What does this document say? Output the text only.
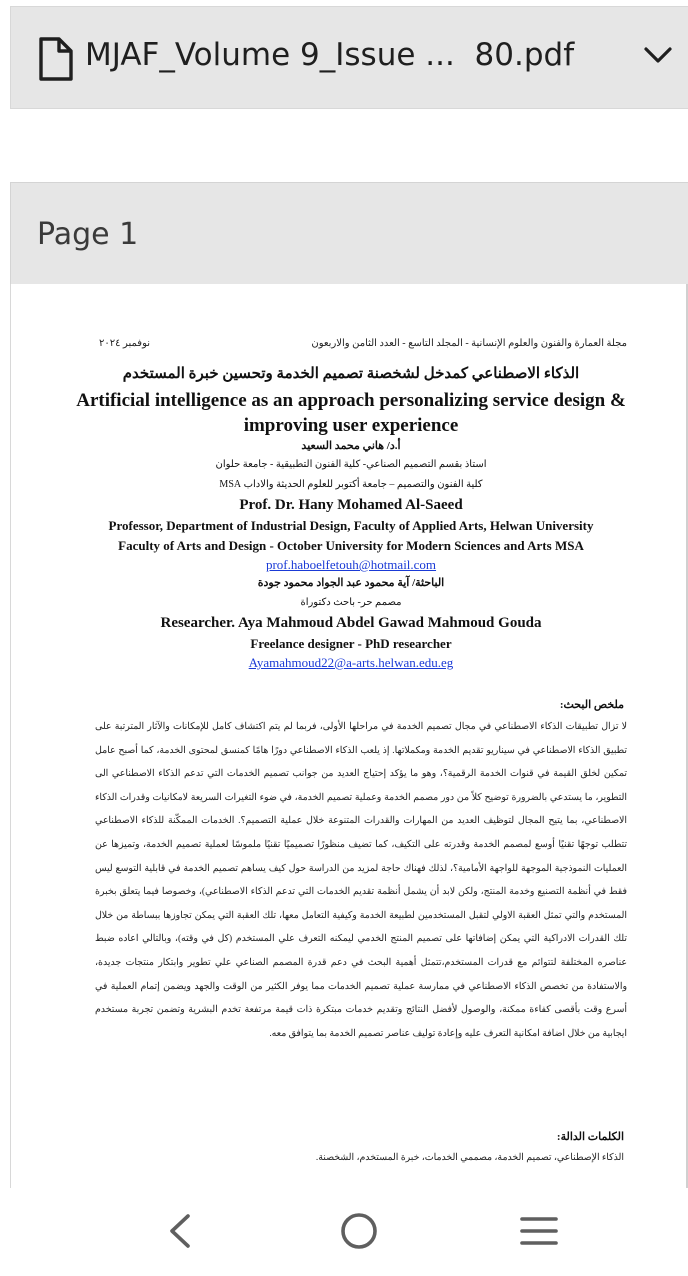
MJAF_Volume 9_Issue ...  80.pdf
Page 1
نوفمبر ٢٠٢٤	مجلة العمارة والفنون والعلوم الإنسانية - المجلد التاسع - العدد الثامن والاربعون
الذكاء الاصطناعي كمدخل لشخصنة تصميم الخدمة وتحسين خبرة المستخدم
Artificial intelligence as an approach personalizing service design & improving user experience
أ.د/ هاني محمد السعيد
استاذ بقسم التصميم الصناعي- كلية الفنون التطبيقية - جامعة حلوان
كلية الفنون والتصميم – جامعة أكتوبر للعلوم الحديثة والاداب MSA
Prof. Dr. Hany Mohamed Al-Saeed
Professor, Department of Industrial Design, Faculty of Applied Arts, Helwan University
Faculty of Arts and Design - October University for Modern Sciences and Arts MSA
prof.haboelfetouh@hotmail.com
الباحثة/ آية محمود عبد الجواد محمود جودة
مصمم حر- باحث دكتوراة
Researcher. Aya Mahmoud Abdel Gawad Mahmoud Gouda
Freelance designer - PhD researcher
Ayamahmoud22@a-arts.helwan.edu.eg
ملخص البحث:
لا تزال تطبيقات الذكاء الاصطناعي في مجال تصميم الخدمة في مراحلها الأولى، فربما لم يتم اكتشاف كامل للإمكانات والآثار المترتبة على تطبيق الذكاء الاصطناعي في سيناريو تقديم الخدمة ومكملاتها. إذ يلعب الذكاء الاصطناعي دورًا هامًا كمنسق لمحتوى الخدمة، كما أصبح عامل تمكين لخلق القيمة في قنوات الخدمة الرقمية؟، وهو ما يؤكد إحتياج العديد من جوانب تصميم الخدمات التي تدعم الذكاء الاصطناعي الى التطوير، ما يستدعي بالضرورة توضيح كلاً من دور مصمم الخدمة وعملية تصميم الخدمة، في ضوء التغيرات السريعة لامكانيات وقدرات الذكاء الاصطناعي، بما يتيح المجال لتوظيف العديد من المهارات والقدرات المتنوعة خلال عملية التصميم؟. الخدمات الممكّنة للذكاء الاصطناعي تتطلب توجهًا تقنيًا أوسع لمصمم الخدمة وقدرته على التكيف، كما تضيف منظورًا تصميميًا تقنيًا ملموسًا لعملية تصميم الخدمة، وتميزها عن العمليات النموذجية الموجهة للواجهة الأمامية؟، لذلك فهناك حاجة لمزيد من الدراسة حول كيف يساهم تصميم الخدمة في قابلية التوسع ليس فقط في أنظمة التصنيع وخدمة المنتج، ولكن لابد أن يشمل أنظمة تقديم الخدمات التي تدعم الذكاء الاصطناعي)، وخصوصا فيما يتعلق بخبرة المستخدم والتي تمثل العقبة الاولي لتقبل المستخدمين لطبيعة الخدمة وكيفية التعامل معها، تلك العقبة التي يمكن تجاوزها ببساطة من خلال تلك القدرات الادراكية التي يمكن إضافاتها على تصميم المنتج الخدمي ليمكنه التعرف علي المستخدم (كل في وقته)، وبالتالي اعاده ضبط عناصره المختلفة لتتوائم مع قدرات المستخدم،تتمثل أهمية البحث في دعم قدرة المصمم الصناعي علي تطوير وابتكار منتجات جديدة، والاستفادة من تخصص الذكاء الاصطناعي في ممارسة عملية تصميم الخدمات مما يوفر الكثير من الوقت والجهد ويضمن إتمام العملية في أسرع وقت بأقصى كفاءة ممكنة، والوصول لأفضل النتائج وتقديم خدمات مبتكرة ذات قيمة مرتفعة تخدم البشرية وتضمن تجربة مستخدم ايجابية من خلال اضافة امكانية التعرف عليه وإعادة توليف عناصر تصميم الخدمة بما يتوافق معه.
الكلمات الدالة:
الذكاء الإصطناعي، تصميم الخدمة، مصممي الخدمات، خبرة المستخدم، الشخصنة.
